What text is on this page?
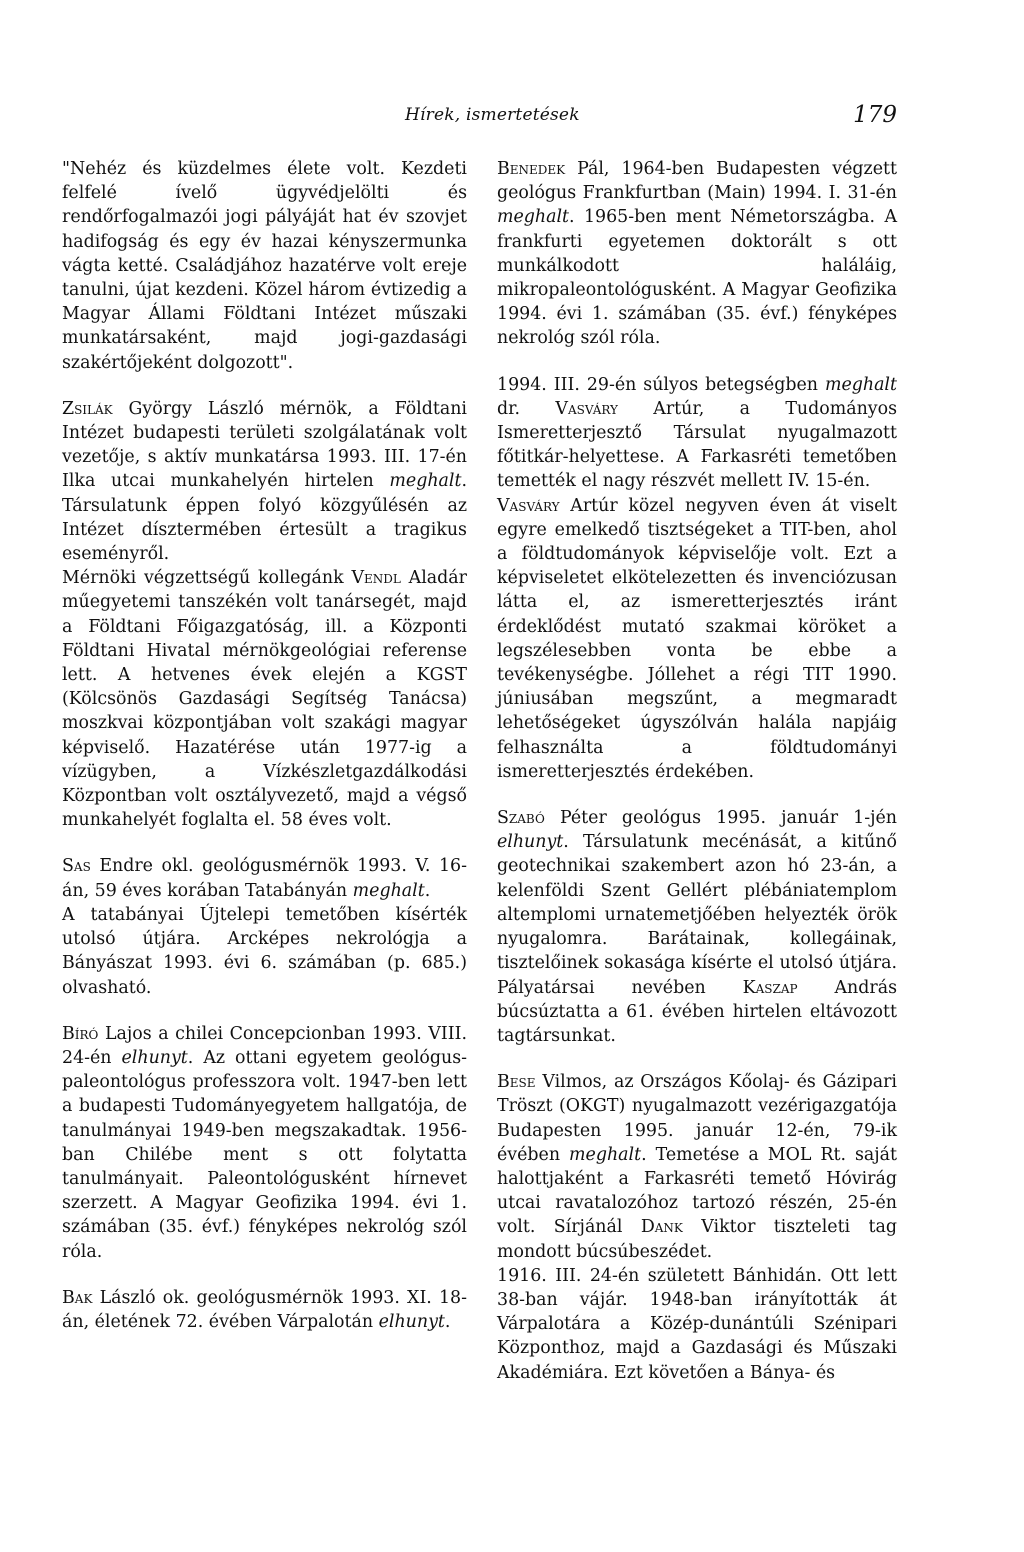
Hírek, ismertetések	179

"Nehéz és küzdelmes élete volt. Kezdeti felfelé ívelő ügyvédjelölti és rendőrfogalmazói jogi pályáját hat év szovjet hadifogság és egy év hazai kényszermunka vágta ketté. Családjához hazatérve volt ereje tanulni, újat kezdeni. Közel három évtizedig a Magyar Állami Földtani Intézet műszaki munkatársaként, majd jogi-gazdasági szakértőjeként dolgozott".

Zsilák György László mérnök, a Földtani Intézet budapesti területi szolgálatának volt vezetője, s aktív munkatársa 1993. III. 17-én Ilka utcai munkahelyén hirtelen meghalt. Társulatunk éppen folyó közgyűlésén az Intézet dísztermében értesült a tragikus eseményről.

Mérnöki végzettségű kollegánk Vendl Aladár műegyetemi tanszékén volt tanársegét, majd a Földtani Főigazgatóság, ill. a Központi Földtani Hivatal mérnökgeológiai referense lett. A hetvenes évek elején a KGST (Kölcsönös Gazdasági Segítség Tanácsa) moszkvai központjában volt szakági magyar képviselő. Hazatérése után 1977-ig a vízügyben, a Vízkészletgazdálkodási Központban volt osztályvezető, majd a végső munkahelyét foglalta el. 58 éves volt.

Sas Endre okl. geológusmérnök 1993. V. 16-án, 59 éves korában Tatabányán meghalt.

A tatabányai Újtelepi temetőben kísérték utolsó útjára. Arcképes nekrológja a Bányászat 1993. évi 6. számában (p. 685.) olvasható.

Bíró Lajos a chilei Concepcionban 1993. VIII. 24-én elhunyt. Az ottani egyetem geológus-paleontológus professzora volt. 1947-ben lett a budapesti Tudományegyetem hallgatója, de tanulmányai 1949-ben megszakadtak. 1956-ban Chilébe ment s ott folytatta tanulmányait. Paleontológusként hírnevet szerzett. A Magyar Geofizika 1994. évi 1. számában (35. évf.) fényképes nekrológ szól róla.

Bak László ok. geológusmérnök 1993. XI. 18-án, életének 72. évében Várpalotán elhunyt.

Benedek Pál, 1964-ben Budapesten végzett geológus Frankfurtban (Main) 1994. I. 31-én meghalt. 1965-ben ment Németországba. A frankfurti egyetemen doktorált s ott munkálkodott haláláig, mikropaleontológusként. A Magyar Geofizika 1994. évi 1. számában (35. évf.) fényképes nekrológ szól róla.

1994. III. 29-én súlyos betegségben meghalt dr. Vasváry Artúr, a Tudományos Ismeretterjesztő Társulat nyugalmazott főtitkár-helyettese. A Farkasréti temetőben temették el nagy részvét mellett IV. 15-én.

Vasváry Artúr közel negyven éven át viselt egyre emelkedő tisztségeket a TIT-ben, ahol a földtudományok képviselője volt. Ezt a képviseletet elkötelezetten és invenciózusan látta el, az ismeretterjesztés iránt érdeklődést mutató szakmai köröket a legszélesebben vonta be ebbe a tevékenységbe. Jóllehet a régi TIT 1990. júniusában megszűnt, a megmaradt lehetőségeket úgyszólván halála napjáig felhasználta a földtudományi ismeretterjesztés érdekében.

Szabó Péter geológus 1995. január 1-jén elhunyt. Társulatunk mecénását, a kitűnő geotechnikai szakembert azon hó 23-án, a kelenföldi Szent Gellért plébániatemplom altemplomi urnatemetjőében helyezték örök nyugalomra. Barátainak, kollegáinak, tisztelőinek sokasága kísérte el utolsó útjára. Pályatársai nevében Kaszap András búcsúztatta a 61. évében hirtelen eltávozott tagtársunkat.

Bese Vilmos, az Országos Kőolaj- és Gázipari Tröszt (OKGT) nyugalmazott vezérigazgatója Budapesten 1995. január 12-én, 79-ik évében meghalt. Temetése a MOL Rt. saját halottjaként a Farkasréti temető Hóvirág utcai ravatalozóhoz tartozó részén, 25-én volt. Sírjánál Dank Viktor tiszteleti tag mondott búcsúbeszédet.

1916. III. 24-én született Bánhidán. Ott lett 38-ban vájár. 1948-ban irányították át Várpalotára a Közép-dunántúli Szénipari Központhoz, majd a Gazdasági és Műszaki Akadémiára. Ezt követően a Bánya- és
